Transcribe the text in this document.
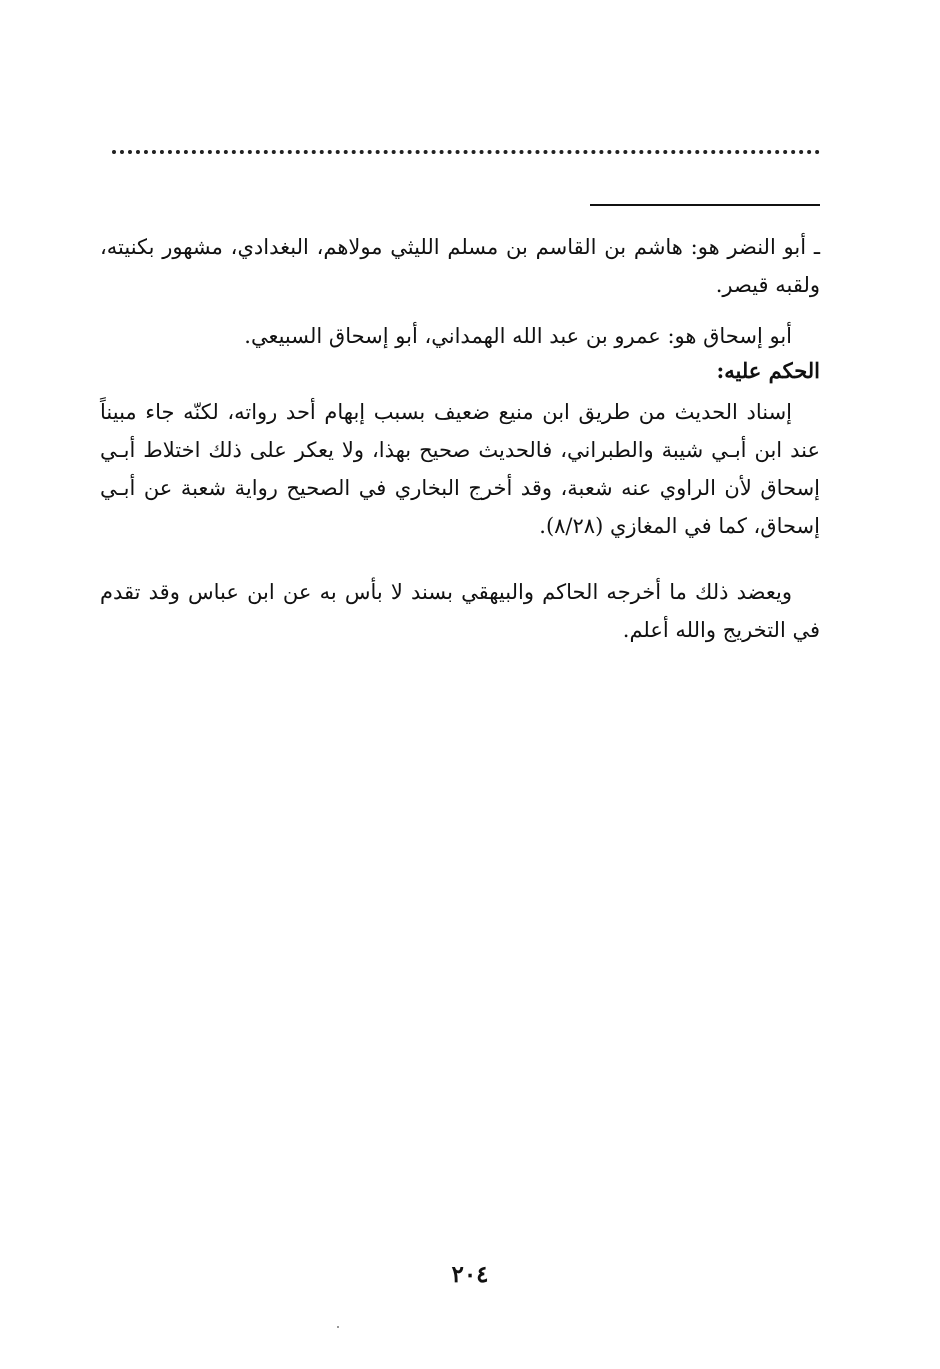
ـ أبو النضر هو: هاشم بن القاسم بن مسلم الليثي مولاهم، البغدادي، مشهور بكنيته، ولقبه قيصر.

أبو إسحاق هو: عمرو بن عبد الله الهمداني، أبو إسحاق السبيعي.

الحكم عليه:

إسناد الحديث من طريق ابن منيع ضعيف بسبب إبهام أحد رواته، لكنّه جاء مبيناً عند ابن أبـي شيبة والطبراني، فالحديث صحيح بهذا، ولا يعكر على ذلك اختلاط أبـي إسحاق لأن الراوي عنه شعبة، وقد أخرج البخاري في الصحيح رواية شعبة عن أبـي إسحاق، كما في المغازي (٨/٢٨).

ويعضد ذلك ما أخرجه الحاكم والبيهقي بسند لا بأس به عن ابن عباس وقد تقدم في التخريج والله أعلم.

٢٠٤
